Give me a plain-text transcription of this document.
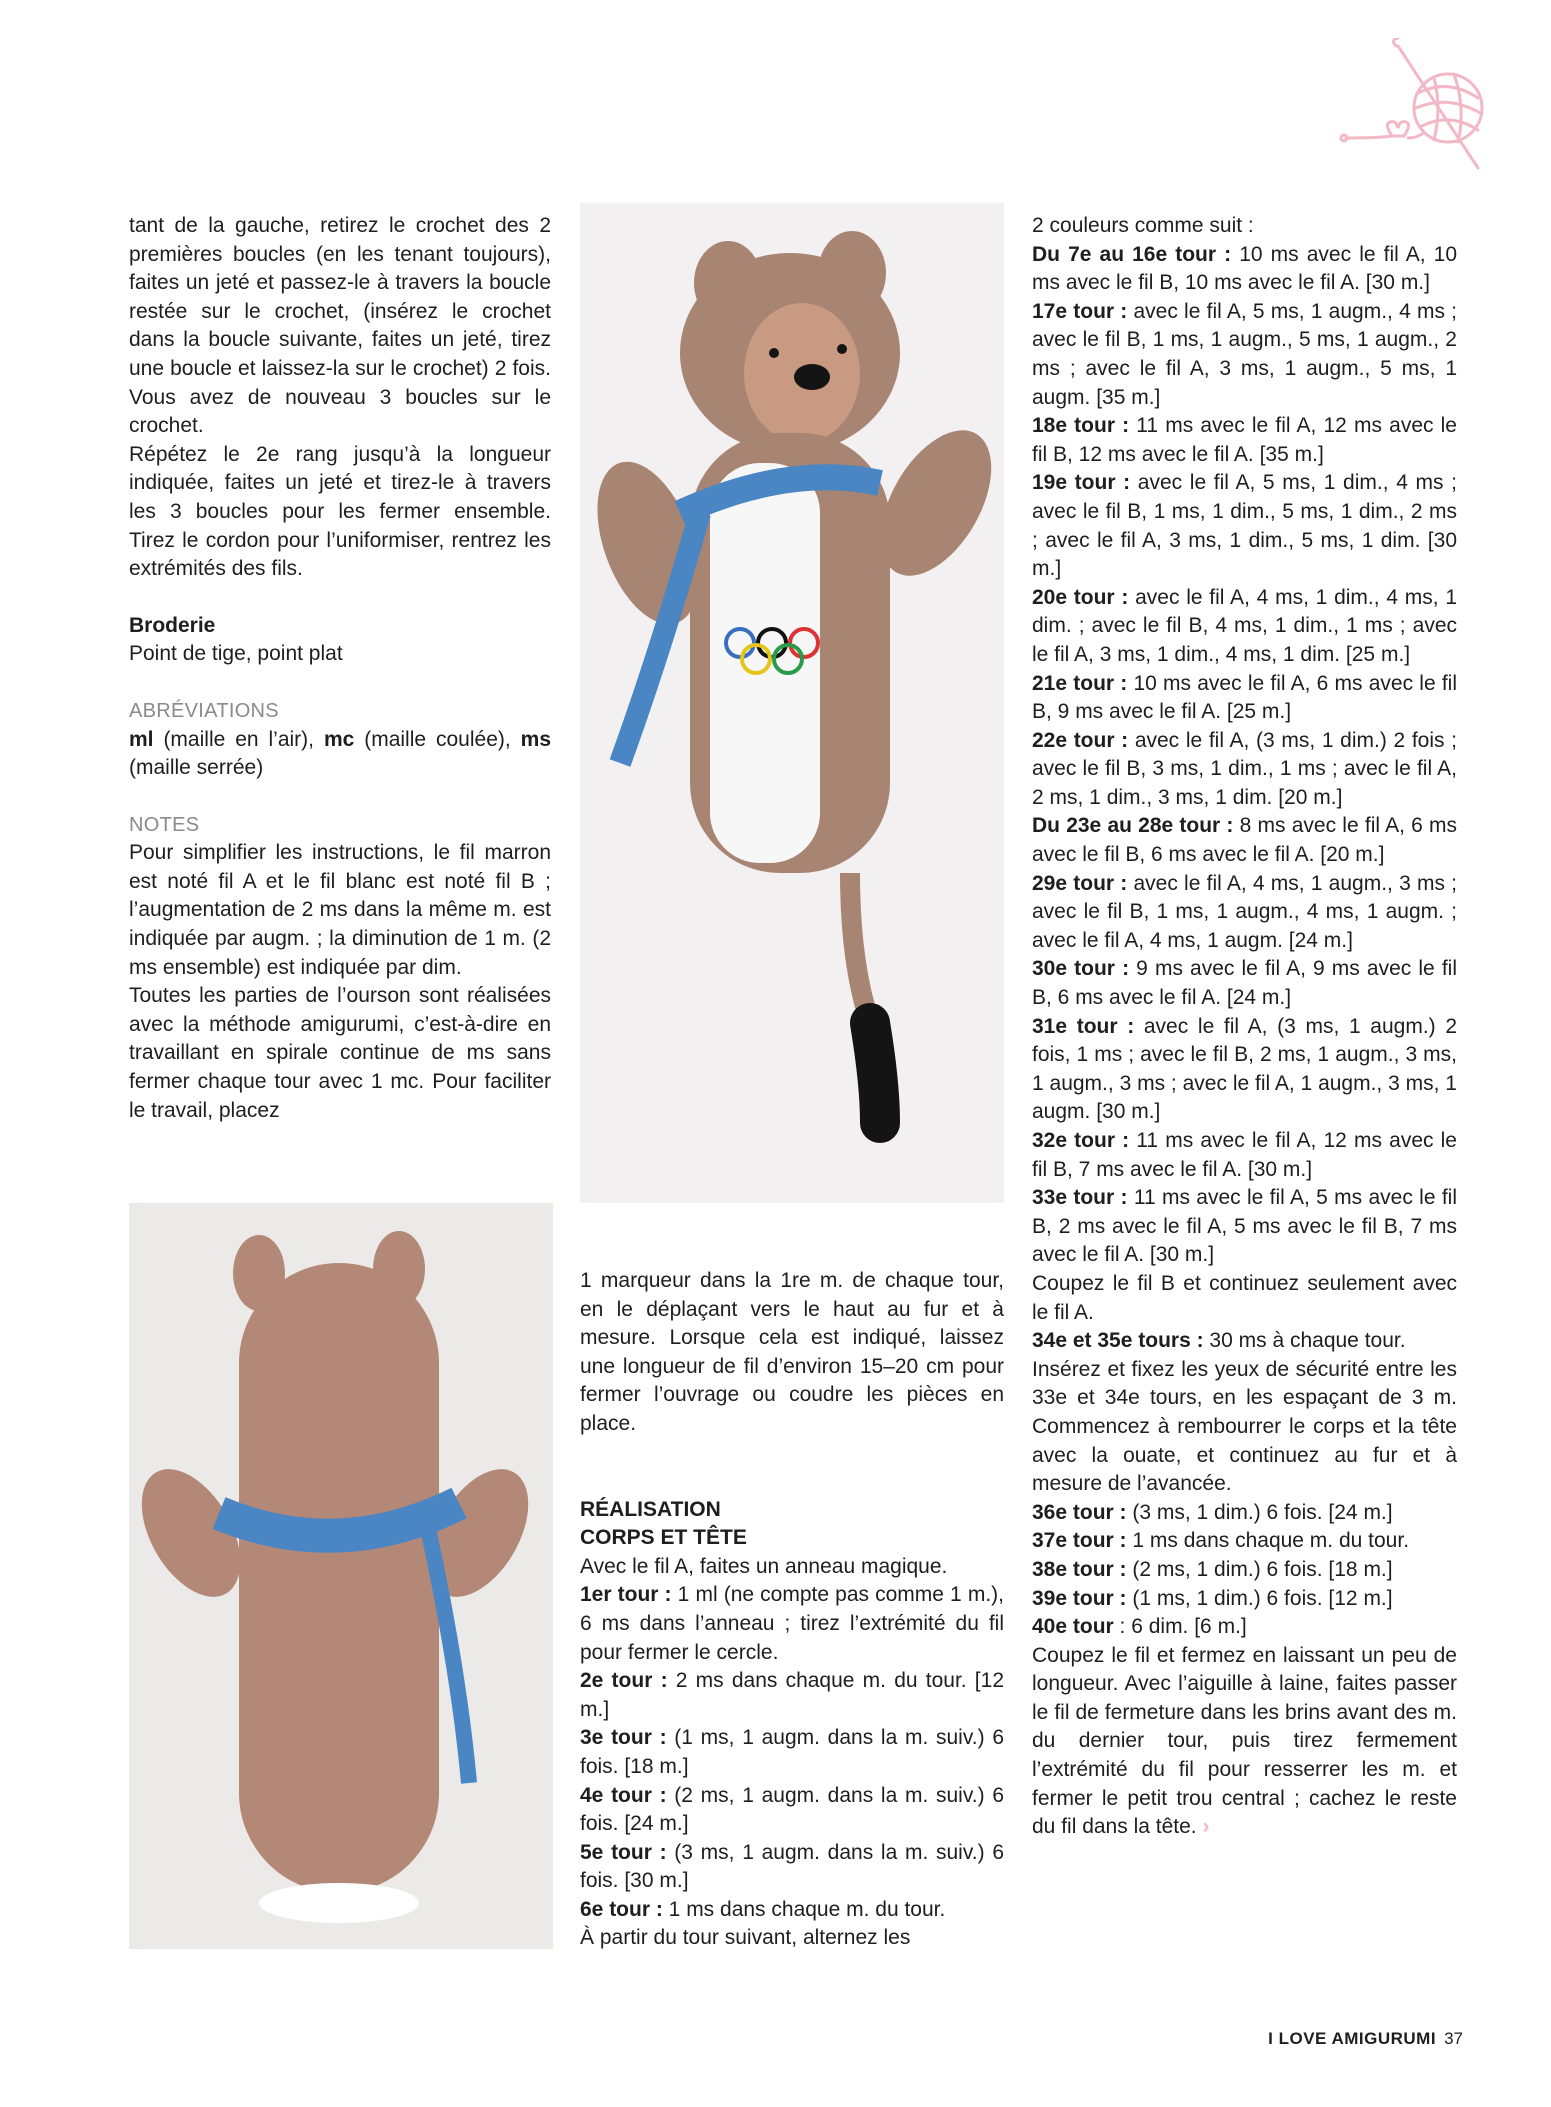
tant de la gauche, retirez le crochet des 2 premières boucles (en les tenant toujours), faites un jeté et passez-le à travers la boucle restée sur le crochet, (insérez le crochet dans la boucle suivante, faites un jeté, tirez une boucle et laissez-la sur le crochet) 2 fois. Vous avez de nouveau 3 boucles sur le crochet.

Répétez le 2e rang jusqu’à la longueur indiquée, faites un jeté et tirez-le à travers les 3 boucles pour les fermer ensemble. Tirez le cordon pour l’uniformiser, rentrez les extrémités des fils.

Broderie

Point de tige, point plat

ABRÉVIATIONS

ml (maille en l’air), mc (maille coulée), ms (maille serrée)

NOTES

Pour simplifier les instructions, le fil marron est noté fil A et le fil blanc est noté fil B ; l’augmentation de 2 ms dans la même m. est indiquée par augm. ; la diminution de 1 m. (2 ms ensemble) est indiquée par dim.

Toutes les parties de l’ourson sont réalisées avec la méthode amigurumi, c’est-à-dire en travaillant en spirale continue de ms sans fermer chaque tour avec 1 mc. Pour faciliter le travail, placez

1 marqueur dans la 1re m. de chaque tour, en le déplaçant vers le haut au fur et à mesure. Lorsque cela est indiqué, laissez une longueur de fil d’environ 15–20 cm pour fermer l’ouvrage ou coudre les pièces en place.

RÉALISATION

CORPS ET TÊTE

Avec le fil A, faites un anneau magique.

1er tour : 1 ml (ne compte pas comme 1 m.), 6 ms dans l’anneau ; tirez l’extrémité du fil pour fermer le cercle.

2e tour : 2 ms dans chaque m. du tour. [12 m.]

3e tour : (1 ms, 1 augm. dans la m. suiv.) 6 fois. [18 m.]

4e tour : (2 ms, 1 augm. dans la m. suiv.) 6 fois. [24 m.]

5e tour : (3 ms, 1 augm. dans la m. suiv.) 6 fois. [30 m.]

6e tour : 1 ms dans chaque m. du tour.

À partir du tour suivant, alternez les

2 couleurs comme suit :

Du 7e au 16e tour : 10 ms avec le fil A, 10 ms avec le fil B, 10 ms avec le fil A. [30 m.]

17e tour : avec le fil A, 5 ms, 1 augm., 4 ms ; avec le fil B, 1 ms, 1 augm., 5 ms, 1 augm., 2 ms ; avec le fil A, 3 ms, 1 augm., 5 ms, 1 augm. [35 m.]

18e tour : 11 ms avec le fil A, 12 ms avec le fil B, 12 ms avec le fil A. [35 m.]

19e tour : avec le fil A, 5 ms, 1 dim., 4 ms ; avec le fil B, 1 ms, 1 dim., 5 ms, 1 dim., 2 ms ; avec le fil A, 3 ms, 1 dim., 5 ms, 1 dim. [30 m.]

20e tour : avec le fil A, 4 ms, 1 dim., 4 ms, 1 dim. ; avec le fil B, 4 ms, 1 dim., 1 ms ; avec le fil A, 3 ms, 1 dim., 4 ms, 1 dim. [25 m.]

21e tour : 10 ms avec le fil A, 6 ms avec le fil B, 9 ms avec le fil A. [25 m.]

22e tour : avec le fil A, (3 ms, 1 dim.) 2 fois ; avec le fil B, 3 ms, 1 dim., 1 ms ; avec le fil A, 2 ms, 1 dim., 3 ms, 1 dim. [20 m.]

Du 23e au 28e tour : 8 ms avec le fil A, 6 ms avec le fil B, 6 ms avec le fil A. [20 m.]

29e tour : avec le fil A, 4 ms, 1 augm., 3 ms ; avec le fil B, 1 ms, 1 augm., 4 ms, 1 augm. ; avec le fil A, 4 ms, 1 augm. [24 m.]

30e tour : 9 ms avec le fil A, 9 ms avec le fil B, 6 ms avec le fil A. [24 m.]

31e tour : avec le fil A, (3 ms, 1 augm.) 2 fois, 1 ms ; avec le fil B, 2 ms, 1 augm., 3 ms, 1 augm., 3 ms ; avec le fil A, 1 augm., 3 ms, 1 augm. [30 m.]

32e tour : 11 ms avec le fil A, 12 ms avec le fil B, 7 ms avec le fil A. [30 m.]

33e tour : 11 ms avec le fil A, 5 ms avec le fil B, 2 ms avec le fil A, 5 ms avec le fil B, 7 ms avec le fil A. [30 m.]

Coupez le fil B et continuez seulement avec le fil A.

34e et 35e tours : 30 ms à chaque tour.

Insérez et fixez les yeux de sécurité entre les 33e et 34e tours, en les espaçant de 3 m. Commencez à rembourrer le corps et la tête avec la ouate, et continuez au fur et à mesure de l’avancée.

36e tour : (3 ms, 1 dim.) 6 fois. [24 m.]

37e tour : 1 ms dans chaque m. du tour.

38e tour : (2 ms, 1 dim.) 6 fois. [18 m.]

39e tour : (1 ms, 1 dim.) 6 fois. [12 m.]

40e tour : 6 dim. [6 m.]

Coupez le fil et fermez en laissant un peu de longueur. Avec l’aiguille à laine, faites passer le fil de fermeture dans les brins avant des m. du dernier tour, puis tirez fermement l’extrémité du fil pour resserrer les m. et fermer le petit trou central ; cachez le reste du fil dans la tête. ›

I LOVE AMIGURUMI 37
